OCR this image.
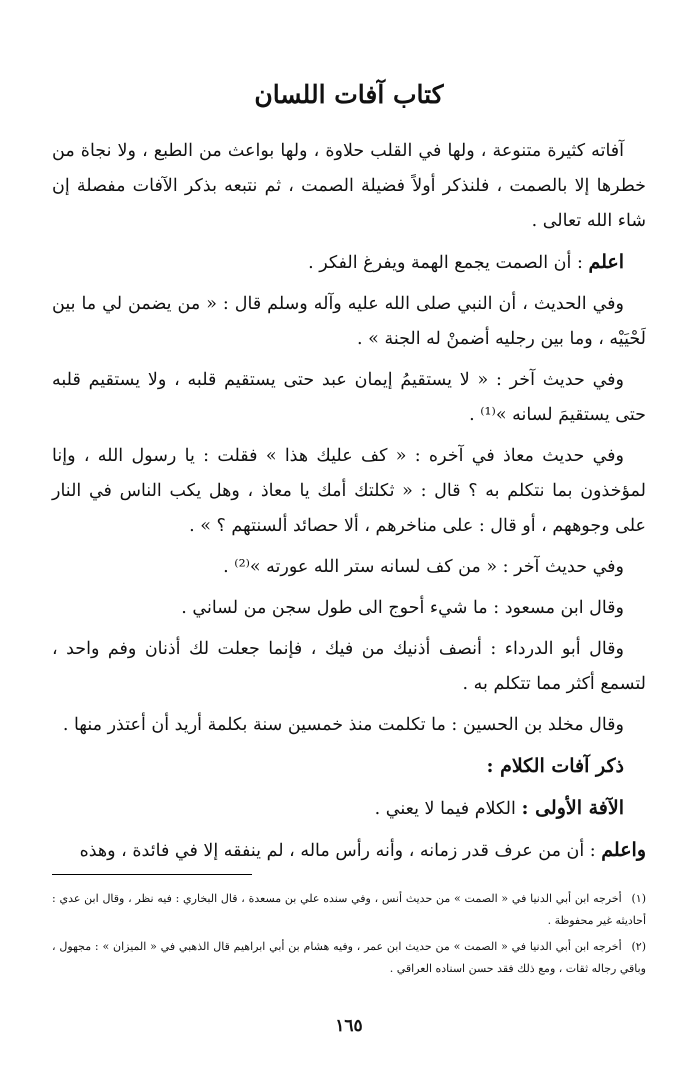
كتاب آفات اللسان

آفاته كثيرة متنوعة ، ولها في القلب حلاوة ، ولها بواعث من الطبع ، ولا نجاة من خطرها إلا بالصمت ، فلنذكر أولاً فضيلة الصمت ، ثم نتبعه بذكر الآفات مفصلة إن شاء الله تعالى .

اعلم : أن الصمت يجمع الهمة ويفرغ الفكر .

وفي الحديث ، أن النبي صلى الله عليه وآله وسلم قال : « من يضمن لي ما بين لَحْيَيْه ، وما بين رجليه أضمنْ له الجنة » .

وفي حديث آخر : « لا يستقيمُ إيمان عبد حتى يستقيم قلبه ، ولا يستقيم قلبه حتى يستقيمَ لسانه »⁽¹⁾ .

وفي حديث معاذ في آخره : « كف عليك هذا » فقلت : يا رسول الله ، وإنا لمؤخذون بما نتكلم به ؟ قال : « ثكلتك أمك يا معاذ ، وهل يكب الناس في النار على وجوههم ، أو قال : على مناخرهم ، ألا حصائد ألسنتهم ؟ » .

وفي حديث آخر : « من كف لسانه ستر الله عورته »⁽²⁾ .

وقال ابن مسعود : ما شيء أحوج الى طول سجن من لساني .

وقال أبو الدرداء : أنصف أذنيك من فيك ، فإنما جعلت لك أذنان وفم واحد ، لتسمع أكثر مما تتكلم به .

وقال مخلد بن الحسين : ما تكلمت منذ خمسين سنة بكلمة أريد أن أعتذر منها .

ذكر آفات الكلام :

الآفة الأولى : الكلام فيما لا يعني .

واعلم : أن من عرف قدر زمانه ، وأنه رأس ماله ، لم ينفقه إلا في فائدة ، وهذه

(١) أخرجه ابن أبي الدنيا في « الصمت » من حديث أنس ، وفي سنده علي بن مسعدة ، قال البخاري : فيه نظر ، وقال ابن عدي : أحاديثه غير محفوظة .

(٢) أخرجه ابن أبي الدنيا في « الصمت » من حديث ابن عمر ، وفيه هشام بن أبي ابراهيم قال الذهبي في « الميزان » : مجهول ، وباقي رجاله ثقات ، ومع ذلك فقد حسن اسناده العراقي .

١٦٥
